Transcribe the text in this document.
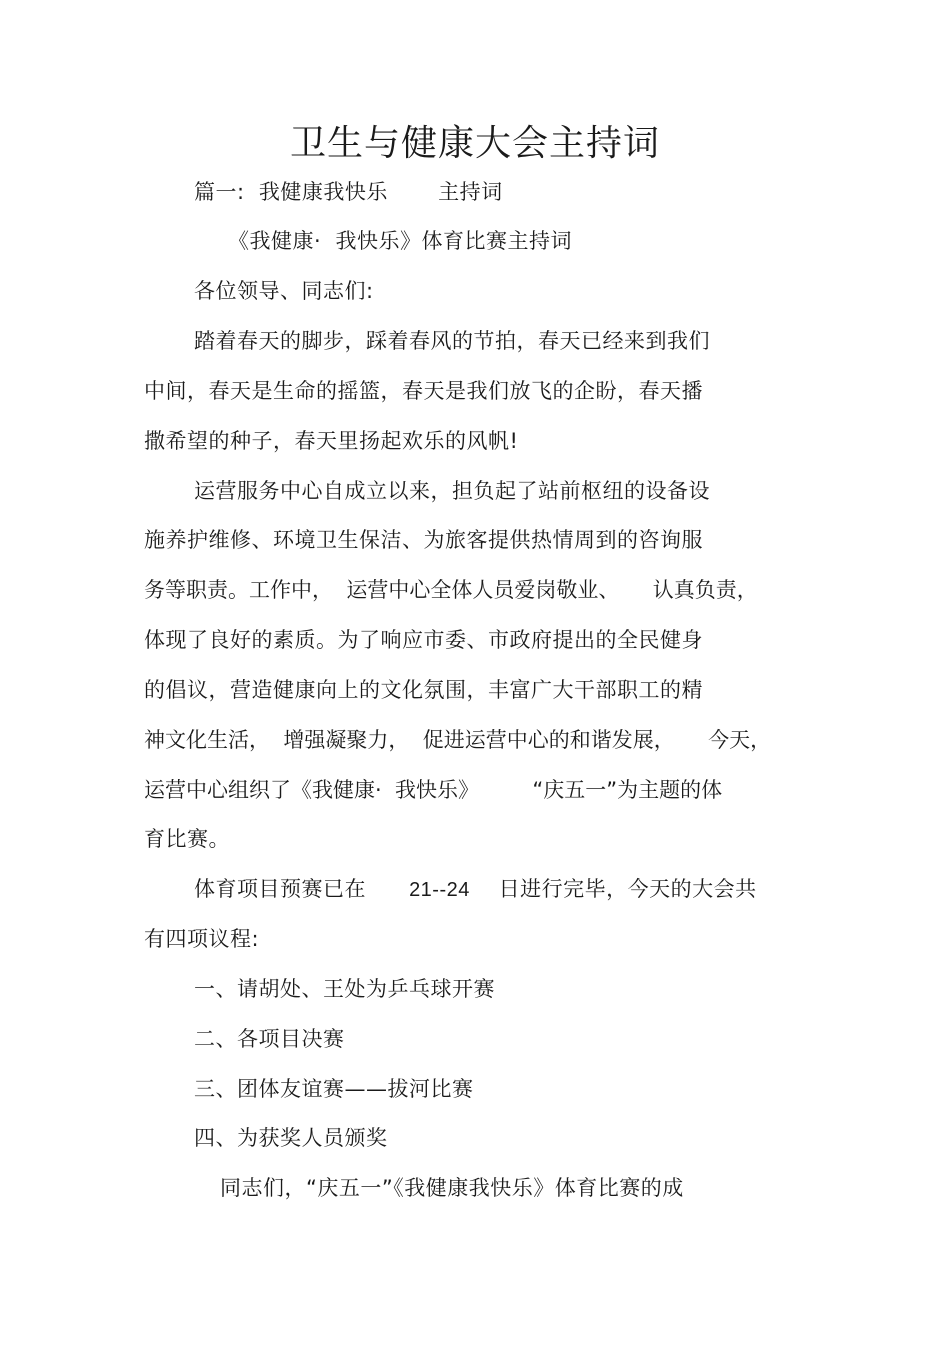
卫生与健康大会主持词
篇一:  我健康我快乐       主持词
《我健康·  我快乐》体育比赛主持词
各位领导、同志们:
踏着春天的脚步，踩着春风的节拍，春天已经来到我们
中间，春天是生命的摇篮，春天是我们放飞的企盼，春天播
撒希望的种子，春天里扬起欢乐的风帆!
运营服务中心自成立以来，担负起了站前枢纽的设备设
施养护维修、环境卫生保洁、为旅客提供热情周到的咨询服
务等职责。工作中，  运营中心全体人员爱岗敬业、     认真负责，
体现了良好的素质。为了响应市委、市政府提出的全民健身
的倡议，营造健康向上的文化氛围，丰富广大干部职工的精
神文化生活，  增强凝聚力，  促进运营中心的和谐发展，     今天，
运营中心组织了《我健康·  我快乐》        “庆五一”为主题的体
育比赛。
体育项目预赛已在      21--24    日进行完毕，今天的大会共
有四项议程:
一、请胡处、王处为乒乓球开赛
二、各项目决赛
三、团体友谊赛——拔河比赛
四、为获奖人员颁奖
同志们，“庆五一”《我健康我快乐》体育比赛的成
